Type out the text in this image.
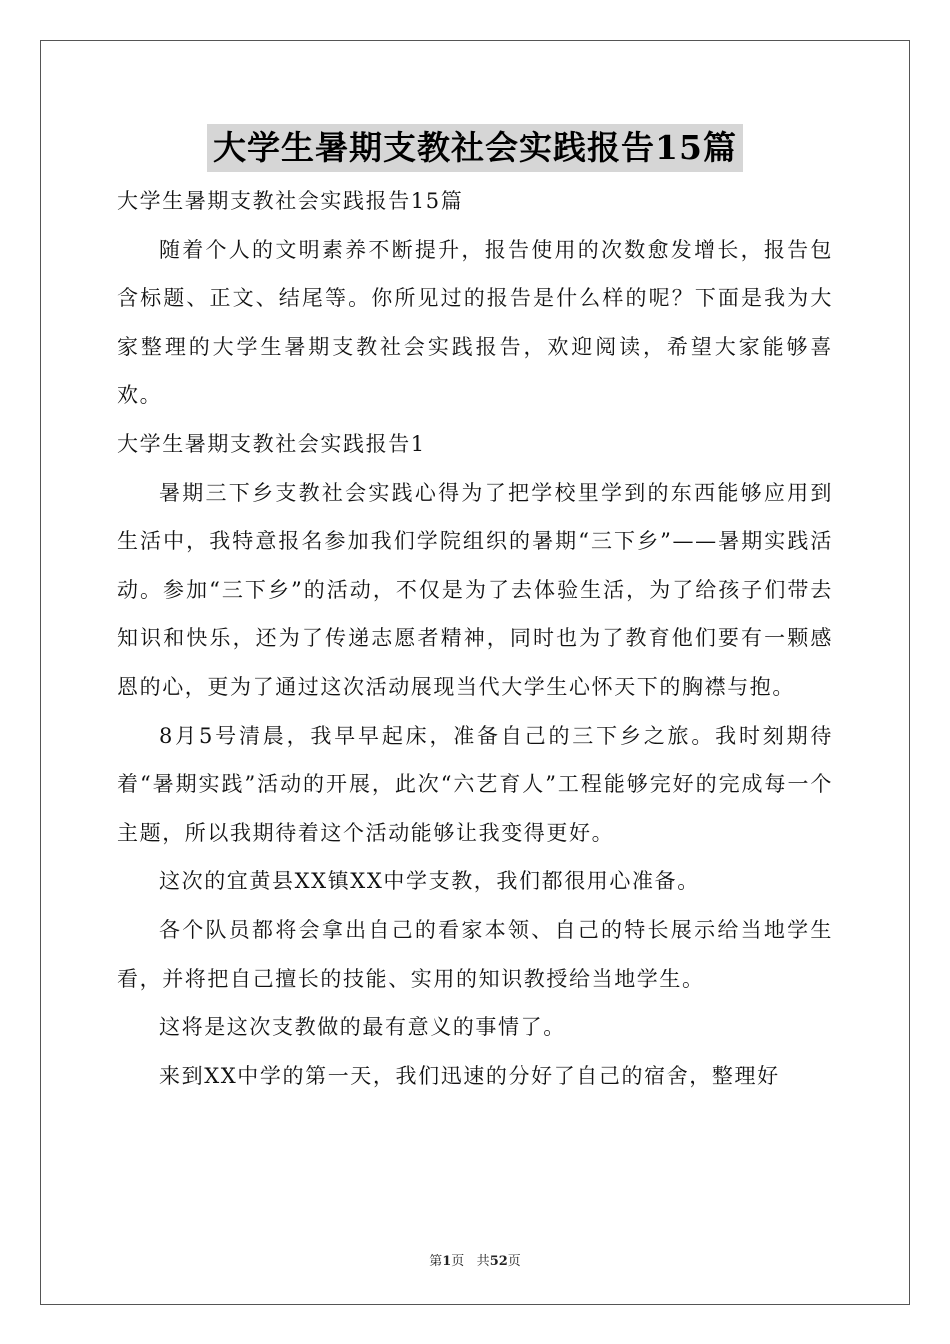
大学生暑期支教社会实践报告15篇

大学生暑期支教社会实践报告15篇

随着个人的文明素养不断提升，报告使用的次数愈发增长，报告包含标题、正文、结尾等。你所见过的报告是什么样的呢？下面是我为大家整理的大学生暑期支教社会实践报告，欢迎阅读，希望大家能够喜欢。

大学生暑期支教社会实践报告1

暑期三下乡支教社会实践心得为了把学校里学到的东西能够应用到生活中，我特意报名参加我们学院组织的暑期“三下乡”——暑期实践活动。参加“三下乡”的活动，不仅是为了去体验生活，为了给孩子们带去知识和快乐，还为了传递志愿者精神，同时也为了教育他们要有一颗感恩的心，更为了通过这次活动展现当代大学生心怀天下的胸襟与抱。

8月5号清晨，我早早起床，准备自己的三下乡之旅。我时刻期待着“暑期实践”活动的开展，此次“六艺育人”工程能够完好的完成每一个主题，所以我期待着这个活动能够让我变得更好。

这次的宜黄县XX镇XX中学支教，我们都很用心准备。

各个队员都将会拿出自己的看家本领、自己的特长展示给当地学生看，并将把自己擅长的技能、实用的知识教授给当地学生。

这将是这次支教做的最有意义的事情了。

来到XX中学的第一天，我们迅速的分好了自己的宿舍，整理好

第1页 共52页
